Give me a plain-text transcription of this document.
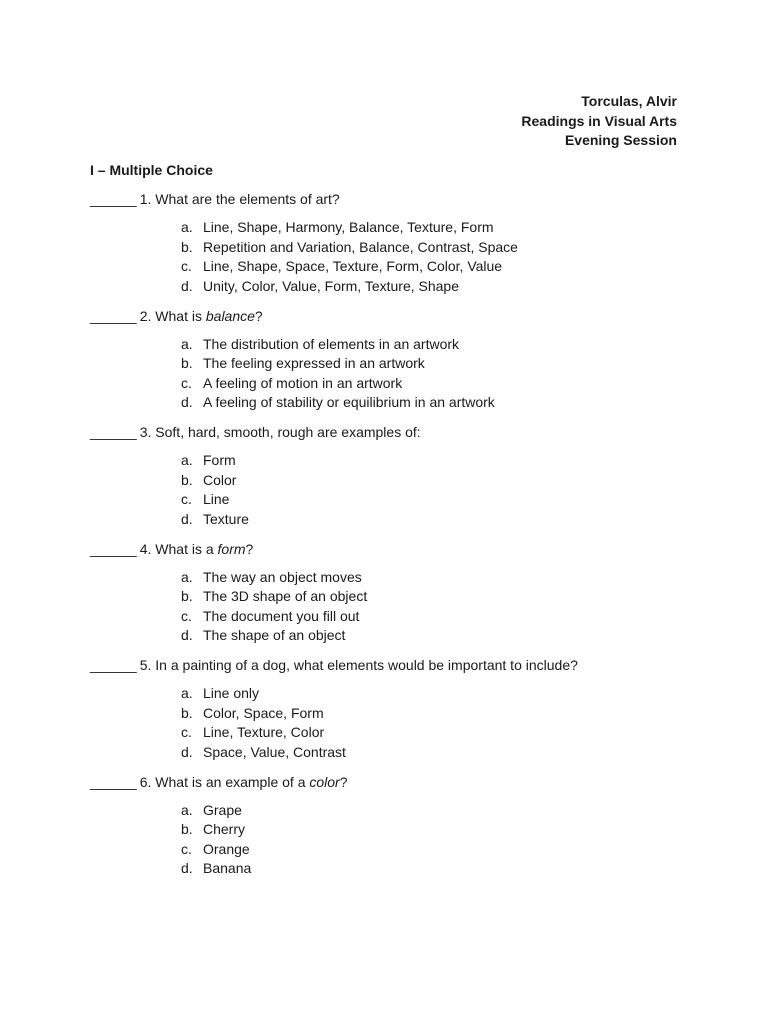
Torculas, Alvir
Readings in Visual Arts
Evening Session
I – Multiple Choice
______ 1. What are the elements of art?
a. Line, Shape, Harmony, Balance, Texture, Form
b. Repetition and Variation, Balance, Contrast, Space
c. Line, Shape, Space, Texture, Form, Color, Value
d. Unity, Color, Value, Form, Texture, Shape
______ 2. What is balance?
a. The distribution of elements in an artwork
b. The feeling expressed in an artwork
c. A feeling of motion in an artwork
d. A feeling of stability or equilibrium in an artwork
______ 3. Soft, hard, smooth, rough are examples of:
a. Form
b. Color
c. Line
d. Texture
______ 4. What is a form?
a. The way an object moves
b. The 3D shape of an object
c. The document you fill out
d. The shape of an object
______ 5. In a painting of a dog, what elements would be important to include?
a. Line only
b. Color, Space, Form
c. Line, Texture, Color
d. Space, Value, Contrast
______ 6. What is an example of a color?
a. Grape
b. Cherry
c. Orange
d. Banana
